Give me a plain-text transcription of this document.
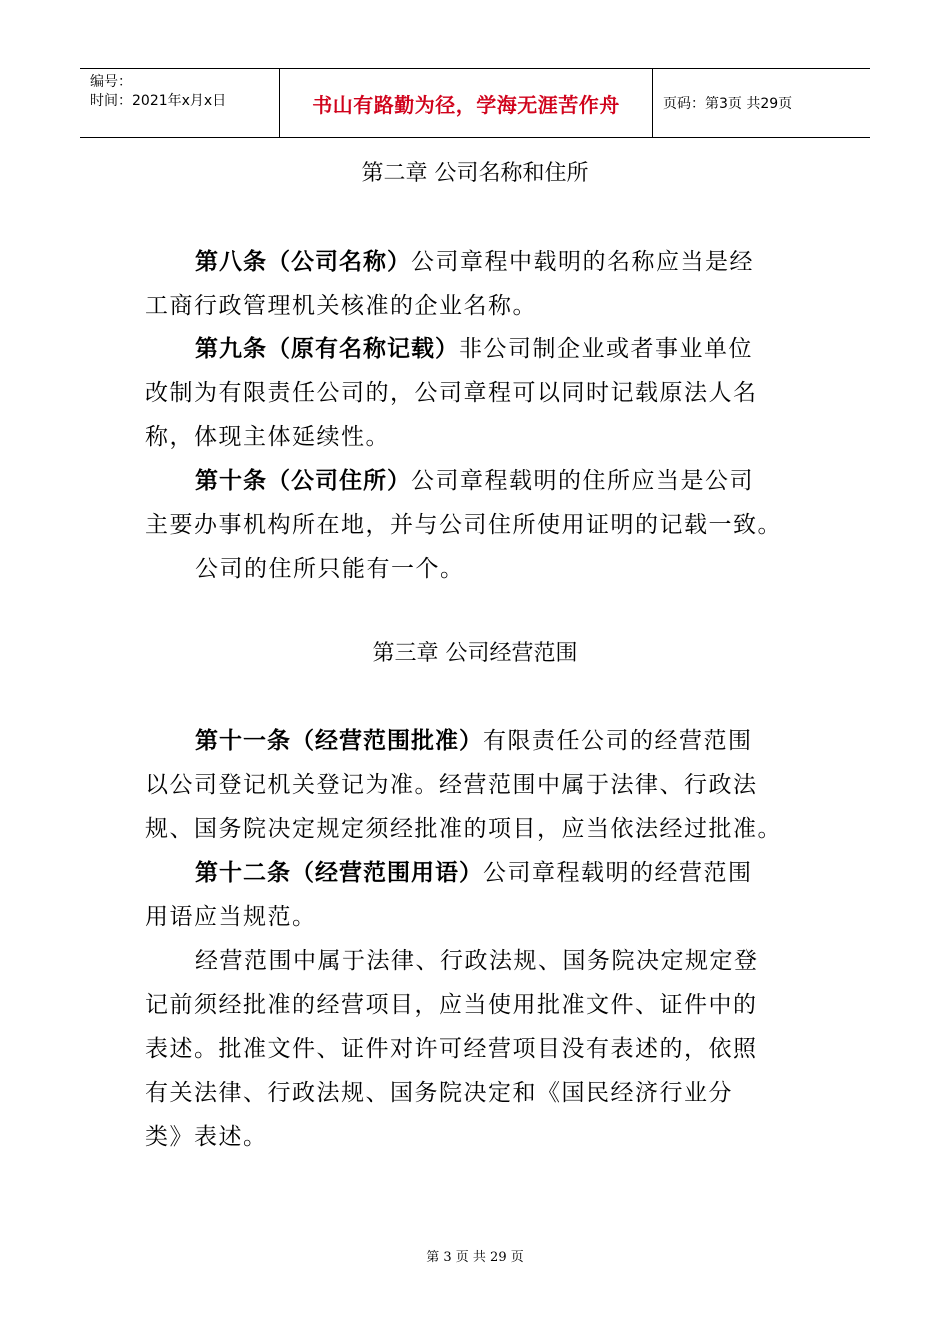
编号：
时间：2021年x月x日	书山有路勤为径，学海无涯苦作舟	页码：第3页 共29页
第二章 公司名称和住所
第八条（公司名称）公司章程中载明的名称应当是经
工商行政管理机关核准的企业名称。
第九条（原有名称记载）非公司制企业或者事业单位
改制为有限责任公司的，公司章程可以同时记载原法人名
称，体现主体延续性。
第十条（公司住所）公司章程载明的住所应当是公司
主要办事机构所在地，并与公司住所使用证明的记载一致。
公司的住所只能有一个。
第三章 公司经营范围
第十一条（经营范围批准）有限责任公司的经营范围
以公司登记机关登记为准。经营范围中属于法律、行政法
规、国务院决定规定须经批准的项目，应当依法经过批准。
第十二条（经营范围用语）公司章程载明的经营范围
用语应当规范。
经营范围中属于法律、行政法规、国务院决定规定登
记前须经批准的经营项目，应当使用批准文件、证件中的
表述。批准文件、证件对许可经营项目没有表述的，依照
有关法律、行政法规、国务院决定和《国民经济行业分
类》表述。
第 3 页 共 29 页
